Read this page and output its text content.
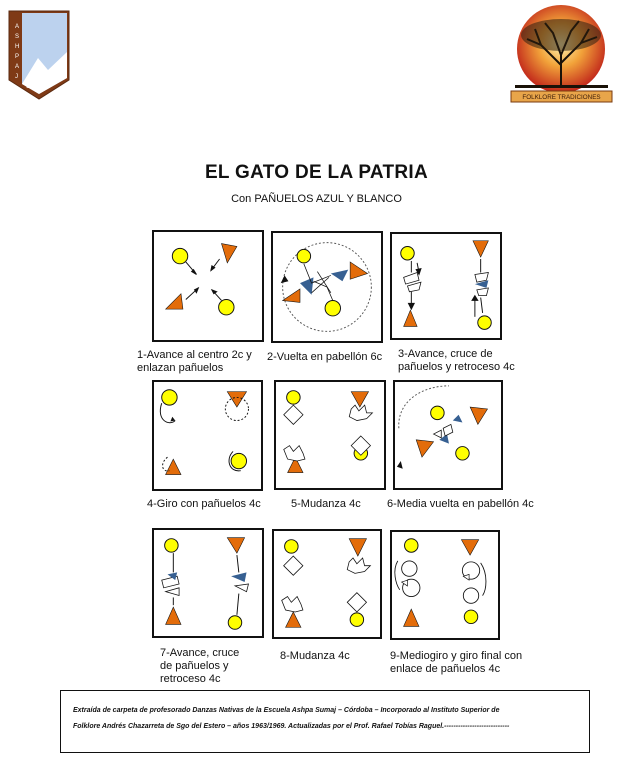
A
S
H
P
A
J
SUMAJ
FOLKLORE TRADICIONES
EL GATO DE LA PATRIA
Con PAÑUELOS AZUL Y BLANCO
1-Avance al centro 2c y
enlazan pañuelos
2-Vuelta en pabellón 6c	3-Avance, cruce de
pañuelos y retroceso 4c
4-Giro con pañuelos 4c	5-Mudanza 4c	6-Media vuelta en pabellón 4c
7-Avance, cruce
de pañuelos y
retroceso 4c
8-Mudanza 4c	9-Mediogiro y giro final con
enlace de pañuelos 4c
Extraída de carpeta de profesorado Danzas Nativas de la Escuela Ashpa Sumaj – Córdoba – Incorporado al Instituto Superior de
Folklore Andrés Chazarreta de Sgo del Estero – años 1963/1969. Actualizadas por el Prof. Rafael Tobías Raguel.----------------------------
